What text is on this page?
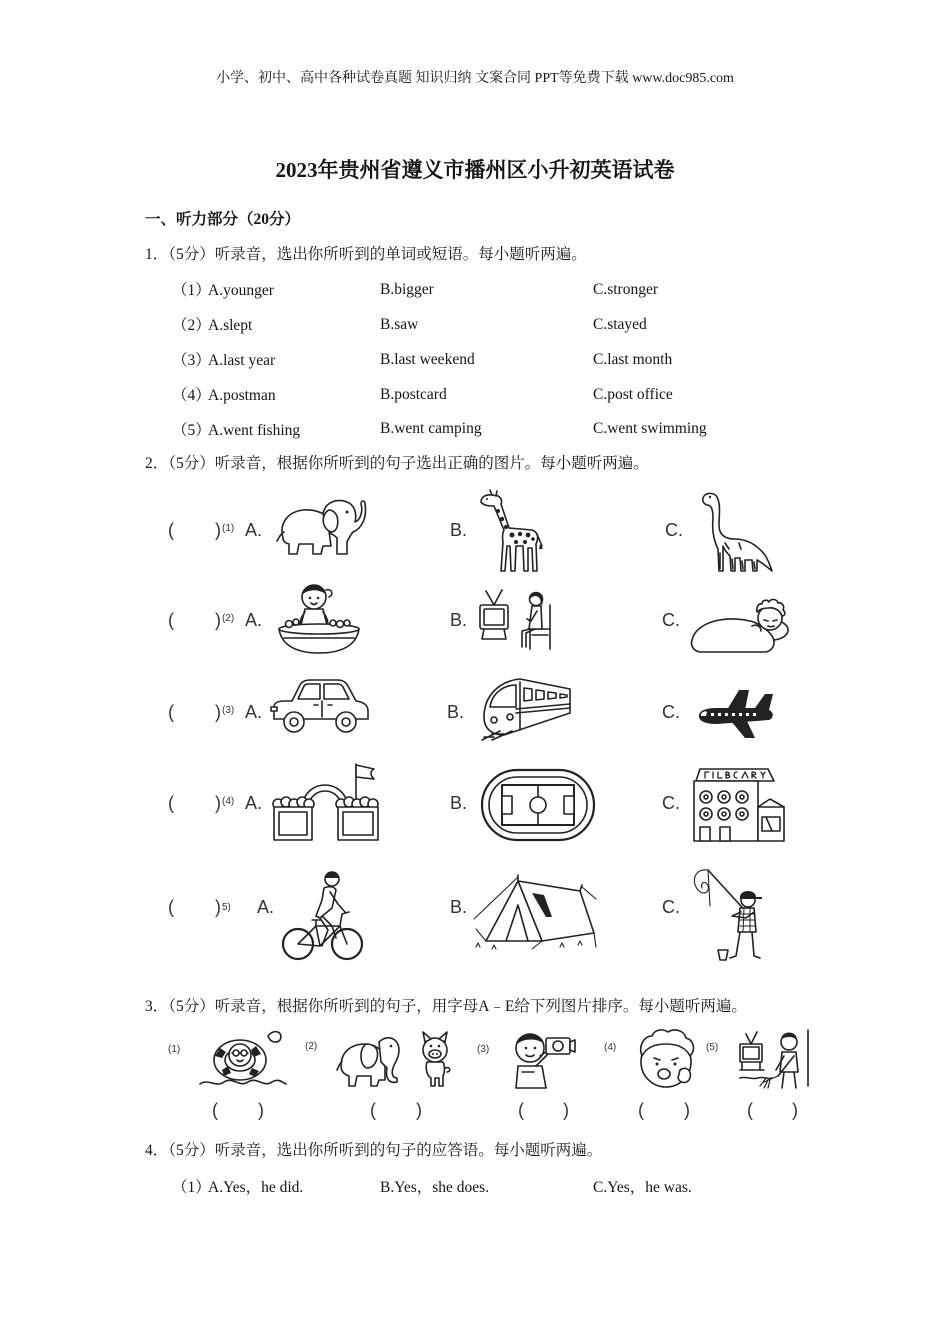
小学、初中、高中各种试卷真题 知识归纳 文案合同 PPT等免费下载 www.doc985.com
2023年贵州省遵义市播州区小升初英语试卷
一、听力部分（20分）
1．（5分）听录音，选出你所听到的单词或短语。每小题听两遍。
（1）
A.younger	B.bigger	C.stronger
（2）
A.slept	B.saw	C.stayed
（3）
A.last year	B.last weekend	C.last month
（4）
A.postman	B.postcard	C.post office
（5）
A.went fishing	B.went camping	C.went swimming
2．（5分）听录音，根据你所听到的句子选出正确的图片。每小题听两遍。
( ) (1) A.	B.	C.
( ) (2) A.	B.	C.
( ) (3) A.	B.	C.
( ) (4) A.	B.	C.
( ) 5) A.	B.	C.
3．（5分）听录音，根据你所听到的句子，用字母A﹣E给下列图片排序。每小题听两遍。
(1)
( )
(2)
( )
(3)
( )
(4)
( )
(5)
( )
4．（5分）听录音，选出你所听到的句子的应答语。每小题听两遍。
（1）
A.Yes，he did.	B.Yes，she does.	C.Yes，he was.
